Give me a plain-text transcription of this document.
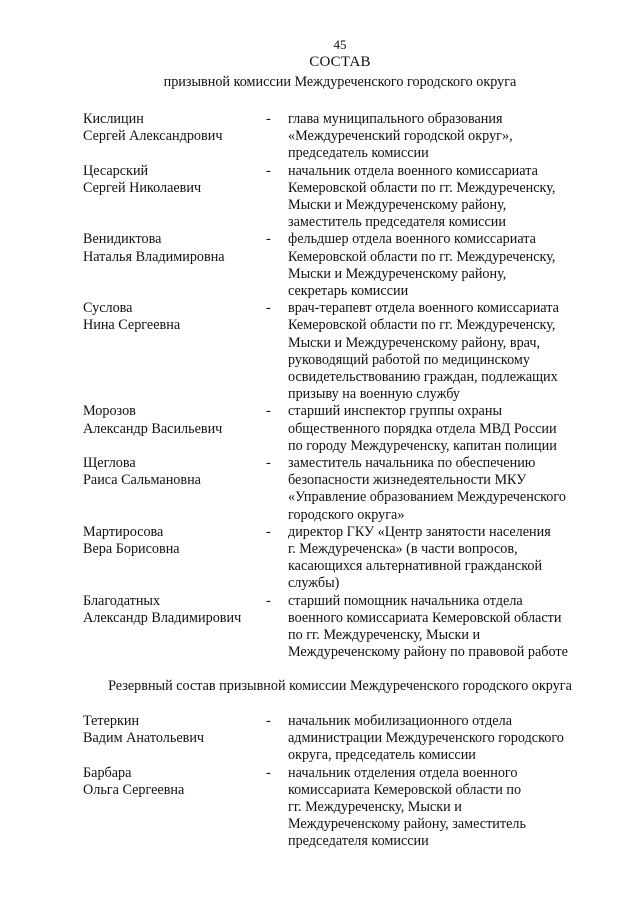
45
СОСТАВ
призывной комиссии Междуреченского городского округа
Кислицин
Сергей Александрович
-	глава муниципального образования
«Междуреченский городской округ»,
председатель комиссии
Цесарский
Сергей Николаевич
-	начальник отдела военного комиссариата
Кемеровской области по гг. Междуреченску,
Мыски и Междуреченскому району,
заместитель председателя комиссии
Венидиктова
Наталья Владимировна
-	фельдшер отдела военного комиссариата
Кемеровской области по гг. Междуреченску,
Мыски и Междуреченскому району,
секретарь комиссии
Суслова
Нина Сергеевна
-	врач-терапевт отдела военного комиссариата
Кемеровской области по гг. Междуреченску,
Мыски и Междуреченскому району, врач,
руководящий работой по медицинскому
освидетельствованию граждан, подлежащих
призыву на военную службу
Морозов
Александр Васильевич
-	старший инспектор группы охраны
общественного порядка отдела МВД России
по городу Междуреченску, капитан полиции
Щеглова
Раиса Сальмановна
-	заместитель начальника по обеспечению
безопасности жизнедеятельности МКУ
«Управление образованием Междуреченского
городского округа»
Мартиросова
Вера Борисовна
-	директор ГКУ «Центр занятости населения
г. Междуреченска» (в части вопросов,
касающихся альтернативной гражданской
службы)
Благодатных
Александр Владимирович
-	старший помощник начальника отдела
военного комиссариата Кемеровской области
по гг. Междуреченску, Мыски и
Междуреченскому району по правовой работе
Резервный состав призывной комиссии Междуреченского городского округа
Тетеркин
Вадим Анатольевич
-	начальник мобилизационного отдела
администрации Междуреченского городского
округа, председатель комиссии
Барбара
Ольга Сергеевна
-	начальник отделения отдела военного
комиссариата Кемеровской области по
гг. Междуреченску, Мыски и
Междуреченскому району, заместитель
председателя комиссии
